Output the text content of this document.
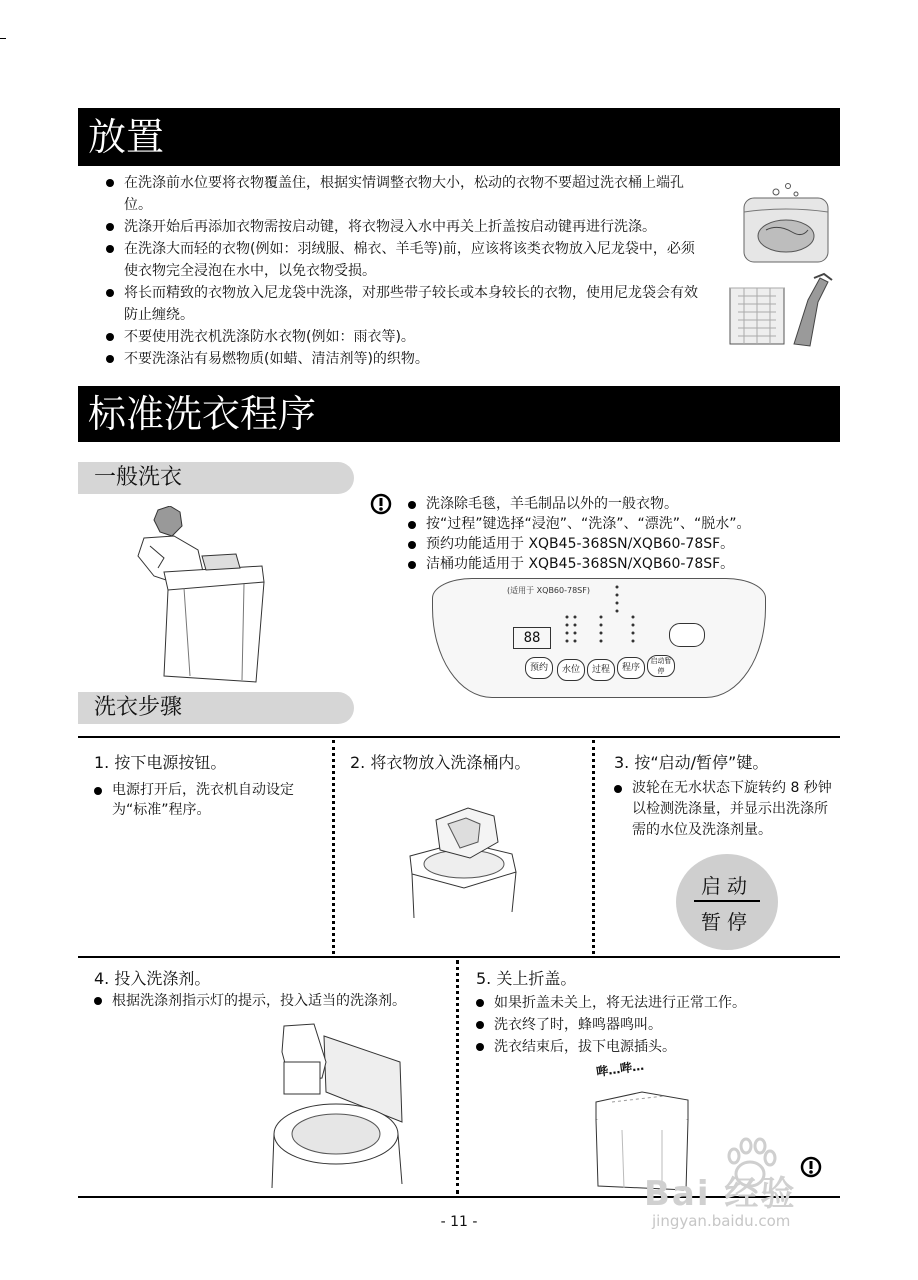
放置
在洗涤前水位要将衣物覆盖住，根据实情调整衣物大小，松动的衣物不要超过洗衣桶上端孔位。
洗涤开始后再添加衣物需按启动键，将衣物浸入水中再关上折盖按启动键再进行洗涤。
在洗涤大而轻的衣物(例如：羽绒服、棉衣、羊毛等)前，应该将该类衣物放入尼龙袋中，必须使衣物完全浸泡在水中，以免衣物受损。
将长而精致的衣物放入尼龙袋中洗涤，对那些带子较长或本身较长的衣物，使用尼龙袋会有效防止缠绕。
不要使用洗衣机洗涤防水衣物(例如：雨衣等)。
不要洗涤沾有易燃物质(如蜡、清洁剂等)的织物。
标准洗衣程序
一般洗衣
洗涤除毛毯，羊毛制品以外的一般衣物。
按“过程”键选择“浸泡”、“洗涤”、“漂洗”、“脱水”。
预约功能适用于 XQB45-368SN/XQB60-78SF。
洁桶功能适用于 XQB45-368SN/XQB60-78SF。
(适用于 XQB60-78SF)
88
预约	水位	过程	程序
启动暂停
洗衣步骤
1. 按下电源按钮。
电源打开后，洗衣机自动设定为“标准”程序。
2. 将衣物放入洗涤桶内。	3. 按“启动/暂停”键。
波轮在无水状态下旋转约 8 秒钟以检测洗涤量，并显示出洗涤所需的水位及洗涤剂量。
启动
暂停
4. 投入洗涤剂。
根据洗涤剂指示灯的提示，投入适当的洗涤剂。
5. 关上折盖。
如果折盖未关上，将无法进行正常工作。
洗衣终了时，蜂鸣器鸣叫。
洗衣结束后，拔下电源插头。
哔…哔…
Bai 经验
jingyan.baidu.com
- 11 -
